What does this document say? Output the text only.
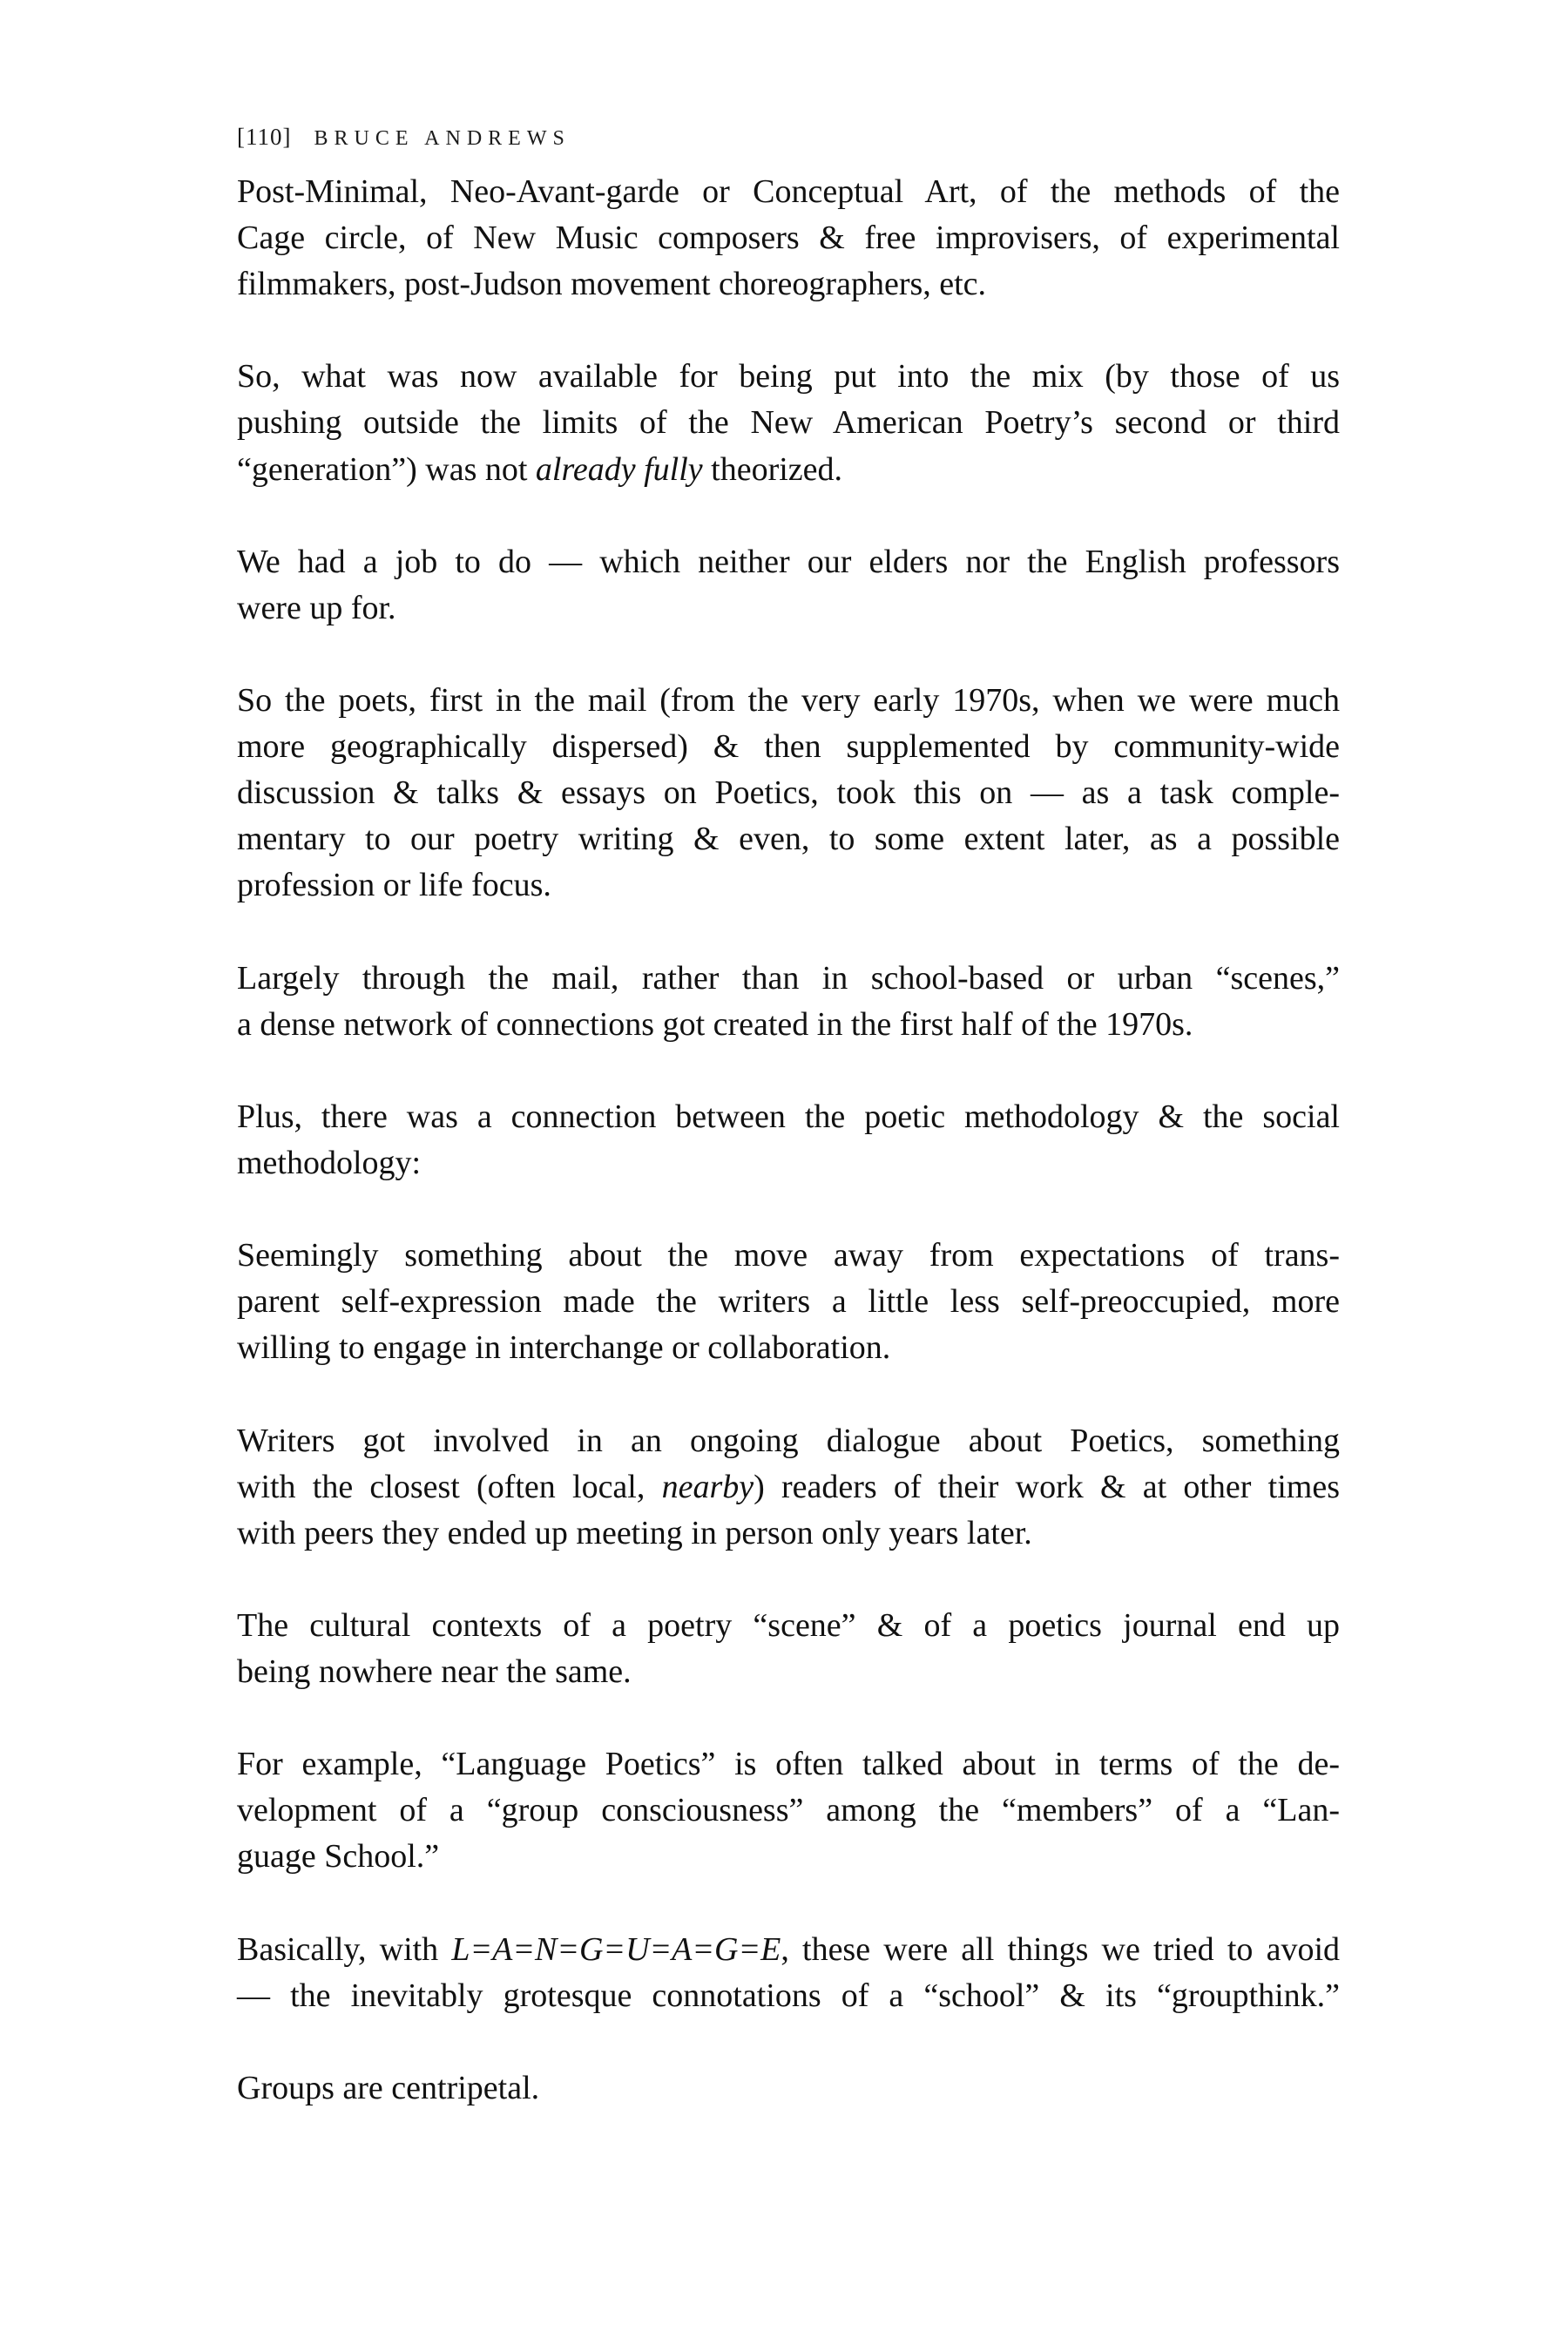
[110] BRUCE ANDREWS

Post-Minimal, Neo-Avant-garde or Conceptual Art, of the methods of the
Cage circle, of New Music composers & free improvisers, of experimental
filmmakers, post-Judson movement choreographers, etc.

So, what was now available for being put into the mix (by those of us
pushing outside the limits of the New American Poetry’s second or third
“generation”) was not already fully theorized.

We had a job to do — which neither our elders nor the English professors
were up for.

So the poets, first in the mail (from the very early 1970s, when we were much
more geographically dispersed) & then supplemented by community-wide
discussion & talks & essays on Poetics, took this on — as a task comple-
mentary to our poetry writing & even, to some extent later, as a possible
profession or life focus.

Largely through the mail, rather than in school-based or urban “scenes,”
a dense network of connections got created in the first half of the 1970s.

Plus, there was a connection between the poetic methodology & the social
methodology:

Seemingly something about the move away from expectations of trans-
parent self-expression made the writers a little less self-preoccupied, more
willing to engage in interchange or collaboration.

Writers got involved in an ongoing dialogue about Poetics, something
with the closest (often local, nearby) readers of their work & at other times
with peers they ended up meeting in person only years later.

The cultural contexts of a poetry “scene” & of a poetics journal end up
being nowhere near the same.

For example, “Language Poetics” is often talked about in terms of the de-
velopment of a “group consciousness” among the “members” of a “Lan-
guage School.”

Basically, with L=A=N=G=U=A=G=E, these were all things we tried to avoid
— the inevitably grotesque connotations of a “school” & its “groupthink.”

Groups are centripetal.
